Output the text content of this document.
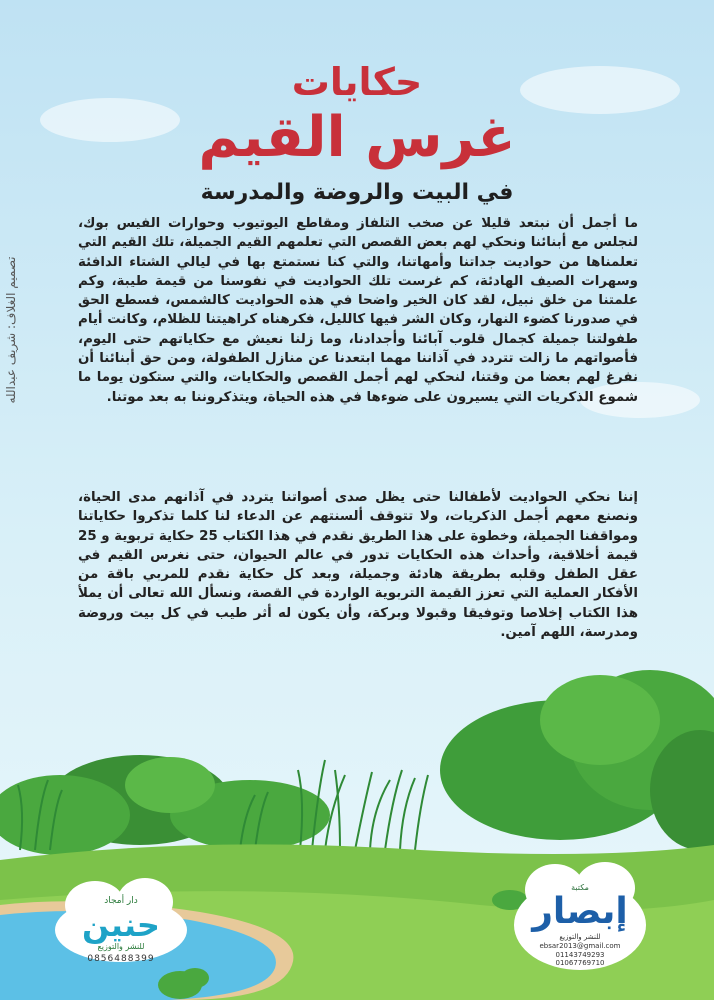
حكايات
غرس القيم
في البيت والروضة والمدرسة
ما أجمل أن نبتعد قليلا عن صخب التلفاز ومقاطع اليوتيوب وحوارات الفيس بوك، لنجلس مع أبنائنا ونحكي لهم بعض القصص التي تعلمهم القيم الجميلة، تلك القيم التي تعلمناها من حواديت جداتنا وأمهاتنا، والتي كنا نستمتع بها في ليالي الشتاء الدافئة وسهرات الصيف الهادئة، كم غرست تلك الحواديت في نفوسنا من قيمة طيبة، وكم علمتنا من خلق نبيل، لقد كان الخير واضحا في هذه الحواديت كالشمس، فسطع الحق في صدورنا كضوء النهار، وكان الشر فيها كالليل، فكرهناه كراهيتنا للظلام، وكانت أيام طفولتنا جميلة كجمال قلوب آبائنا وأجدادنا، وما زلنا نعيش مع حكاياتهم حتى اليوم، فأصواتهم ما زالت تتردد في آذاننا مهما ابتعدنا عن منازل الطفولة، ومن حق أبنائنا أن نفرغ لهم بعضا من وقتنا، لنحكي لهم أجمل القصص والحكايات، والتي ستكون يوما ما شموع الذكريات التي يسيرون على ضوءها في هذه الحياة، ويتذكروننا به بعد موتنا.
إننا نحكي الحواديت لأطفالنا حتى يظل صدى أصواتنا يتردد في آذانهم مدى الحياة، ونصنع معهم أجمل الذكريات، ولا تتوقف ألسنتهم عن الدعاء لنا كلما تذكروا حكاياتنا ومواقفنا الجميلة، وخطوة على هذا الطريق نقدم في هذا الكتاب 25 حكاية تربوية و 25 قيمة أخلاقية، وأحداث هذه الحكايات تدور في عالم الحيوان، حتى نغرس القيم في عقل الطفل وقلبه بطريقة هادئة وجميلة، وبعد كل حكاية نقدم للمربي باقة من الأفكار العملية التي تعزز القيمة التربوية الواردة في القصة، ونسأل الله تعالى أن يملأ هذا الكتاب إخلاصا وتوفيقا وقبولا وبركة، وأن يكون له أثر طيب في كل بيت وروضة ومدرسة، اللهم آمين.
تصميم الغلاف: شريف عبدالله
دار أمجاد
حنين
للنشر والتوزيع
0856488399
مكتبة
إبصار
للنشر والتوزيع
ebsar2013@gmail.com
01143749293
01067769710
